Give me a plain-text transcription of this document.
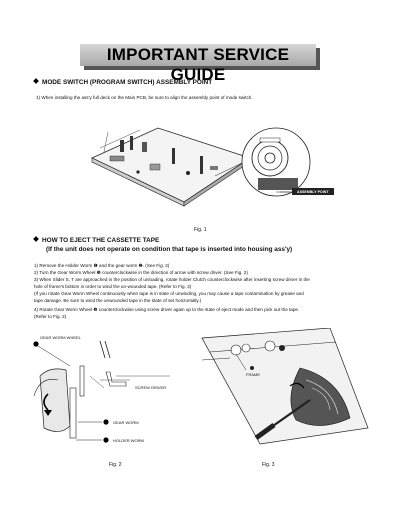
IMPORTANT SERVICE GUIDE
MODE SWITCH (PROGRAM SWITCH) ASSEMBLY POINT
1) When installing the ass'y full deck on the Main PCB, be sure to align the assembly point of mode switch.
ASSEMBLY POINT
Fig. 1
HOW TO EJECT THE CASSETTE TAPE
(If the unit does not operate on condition that tape is inserted into housing ass'y)
1) Remove the Holder Worm ❶ and the gear worm ❷. (See Fig. 2)
2) Turn the Gear Worm Wheel ❸ counterclockwise in the direction of arrow with screw driver. (See Fig. 2)
3) When Slider S, T are approached in the position of unloading, rotate holder Clutch counterclockwise after inserting screw driver in the
hole of frame's bottom in order to wind the un-wounded tape. (Refer to Fig. 3)
(If you rotate Gear Worm Wheel continuously when tape is in state of unwinding, you may cause a tape contamination by grease and
tape damage. Be sure to wind the unwounded tape in the state of set horizontally.)
4) Rotate Gear Worm Wheel ❸ counterclockwise using screw driver again up to the state of eject mode and then pick out the tape.
(Refer to Fig. 2)
GEAR WORM WHEEL
SCREW DRIVER
GEAR WORM
HOLDER WORM
Fig. 2
FRAME
Fig. 3
